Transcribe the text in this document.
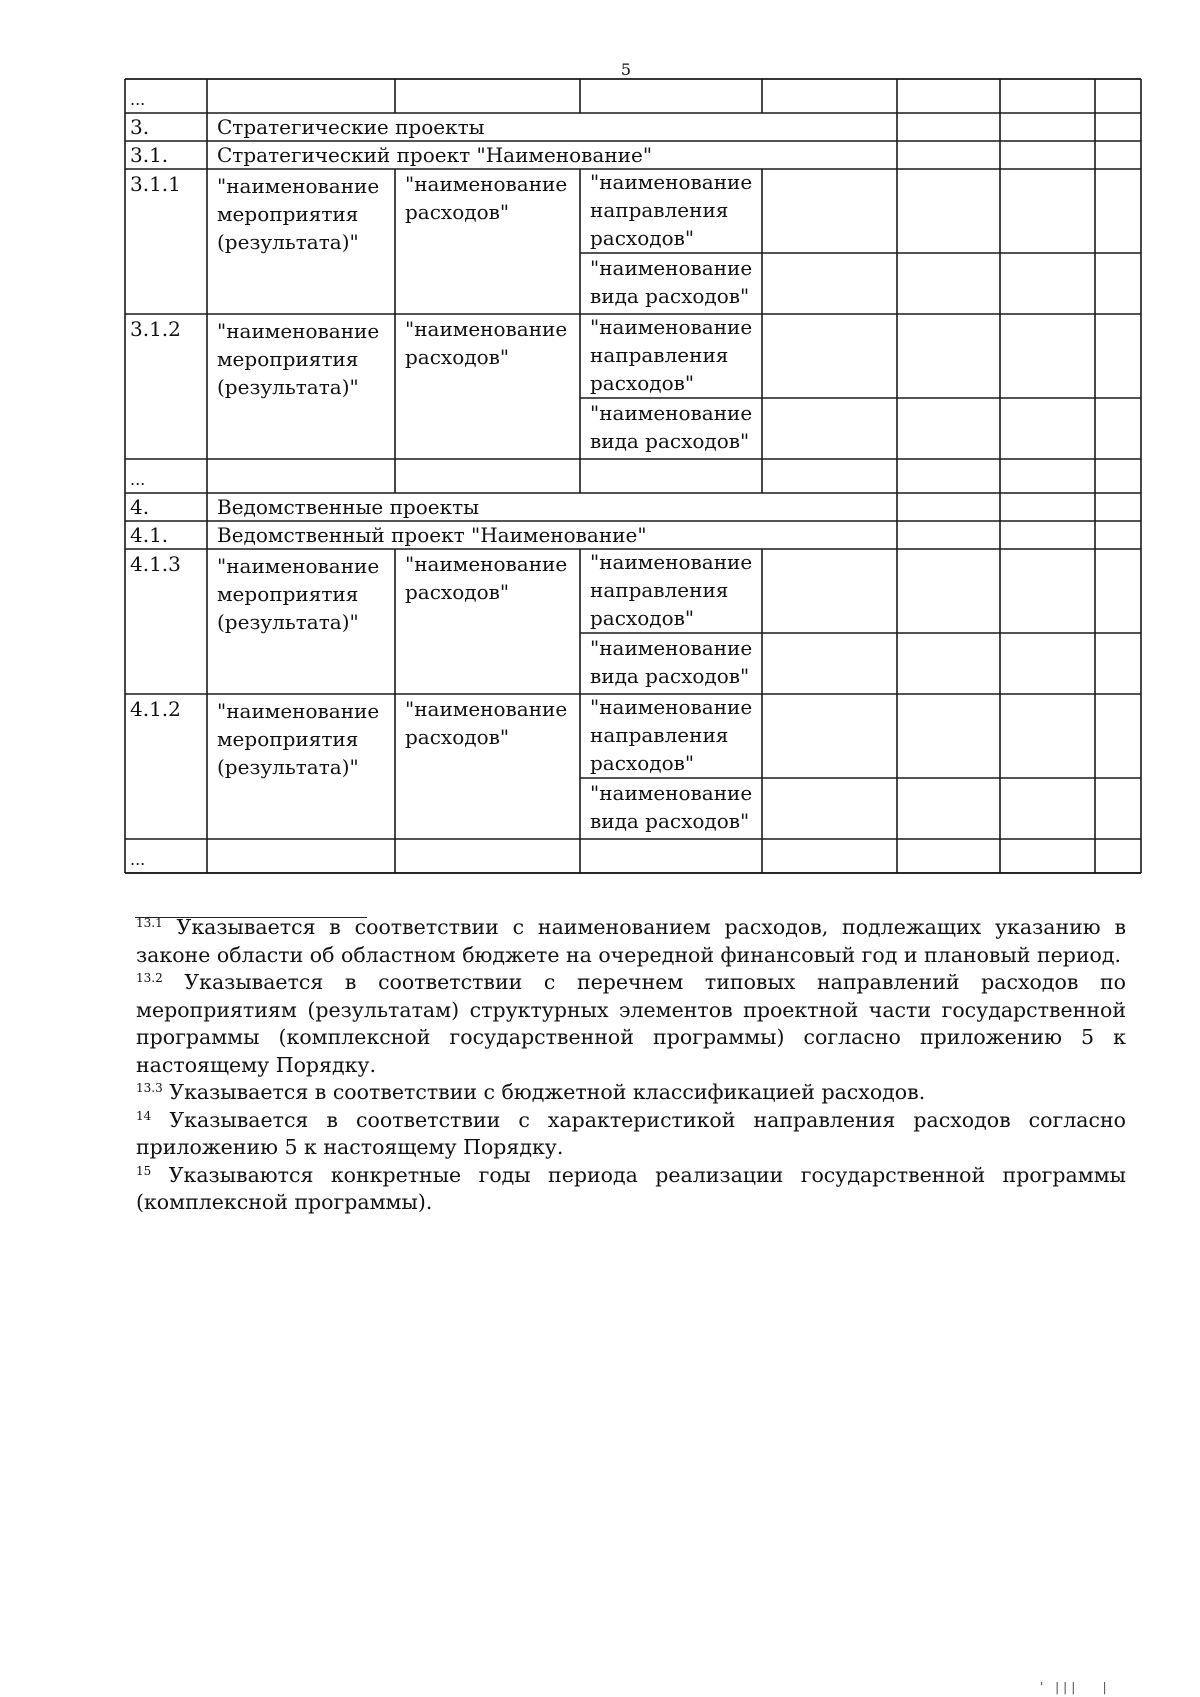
5
...
3.	Стратегические проекты
3.1. Стратегический проект "Наименование"
3.1.1 "наименование
мероприятия
(результата)"
"наименование
расходов"
"наименование
направления
расходов"
"наименование
вида расходов"
3.1.2 "наименование
мероприятия
(результата)"
"наименование
расходов"
"наименование
направления
расходов"
"наименование
вида расходов"
...
4.	Ведомственные проекты
4.1. Ведомственный проект "Наименование"
4.1.3 "наименование
мероприятия
(результата)"
"наименование
расходов"
"наименование
направления
расходов"
"наименование
вида расходов"
4.1.2 "наименование
мероприятия
(результата)"
"наименование
расходов"
"наименование
направления
расходов"
"наименование
вида расходов"
...

$^{13.1}$ Указывается в соответствии с наименованием расходов, подлежащих указанию в законе области об областном бюджете на очередной финансовый год и плановый период.

$^{13.2}$ Указывается в соответствии с перечнем типовых направлений расходов по мероприятиям (результатам) структурных элементов проектной части государственной программы (комплексной государственной программы) согласно приложению 5 к настоящему Порядку.

$^{13.3}$ Указывается в соответствии с бюджетной классификацией расходов.

$^{14}$ Указывается в соответствии с характеристикой направления расходов согласно приложению 5 к настоящему Порядку.

$^{15}$ Указываются конкретные годы периода реализации государственной программы (комплексной программы).

' |||   |
